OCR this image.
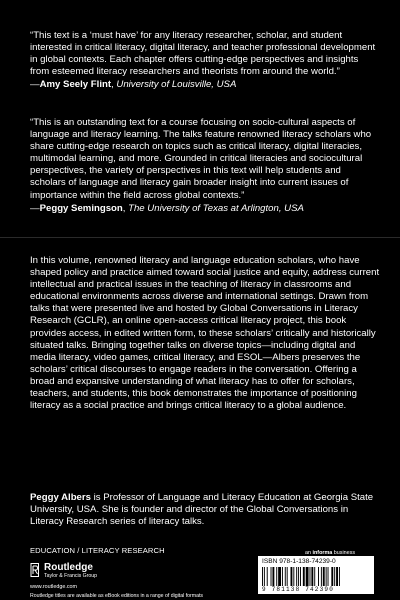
“This text is a ‘must have’ for any literacy researcher, scholar, and student interested in critical literacy, digital literacy, and teacher professional development in global contexts. Each chapter offers cutting-edge perspectives and insights from esteemed literacy researchers and theorists from around the world.”

—Amy Seely Flint, University of Louisville, USA

“This is an outstanding text for a course focusing on socio-cultural aspects of language and literacy learning. The talks feature renowned literacy scholars who share cutting-edge research on topics such as critical literacy, digital literacies, multimodal learning, and more. Grounded in critical literacies and sociocultural perspectives, the variety of perspectives in this text will help students and scholars of language and literacy gain broader insight into current issues of importance within the field across global contexts.”

—Peggy Semingson, The University of Texas at Arlington, USA

In this volume, renowned literacy and language education scholars, who have shaped policy and practice aimed toward social justice and equity, address current intellectual and practical issues in the teaching of literacy in classrooms and educational environments across diverse and international settings. Drawn from talks that were presented live and hosted by Global Conversations in Literacy Research (GCLR), an online open-access critical literacy project, this book provides access, in edited written form, to these scholars’ critically and historically situated talks. Bringing together talks on diverse topics—including digital and media literacy, video games, critical literacy, and ESOL—Albers preserves the scholars’ critical discourses to engage readers in the conversation. Offering a broad and expansive understanding of what literacy has to offer for scholars, teachers, and students, this book demonstrates the importance of positioning literacy as a social practice and brings critical literacy to a global audience.

Peggy Albers is Professor of Language and Literacy Education at Georgia State University, USA. She is founder and director of the Global Conversations in Literacy Research series of literacy talks.

EDUCATION / LITERACY RESEARCH
Routledge
Taylor & Francis Group
www.routledge.com
an informa business
ISBN 978-1-138-74239-0
9 781138 742390
Routledge titles are available as eBook editions in a range of digital formats
